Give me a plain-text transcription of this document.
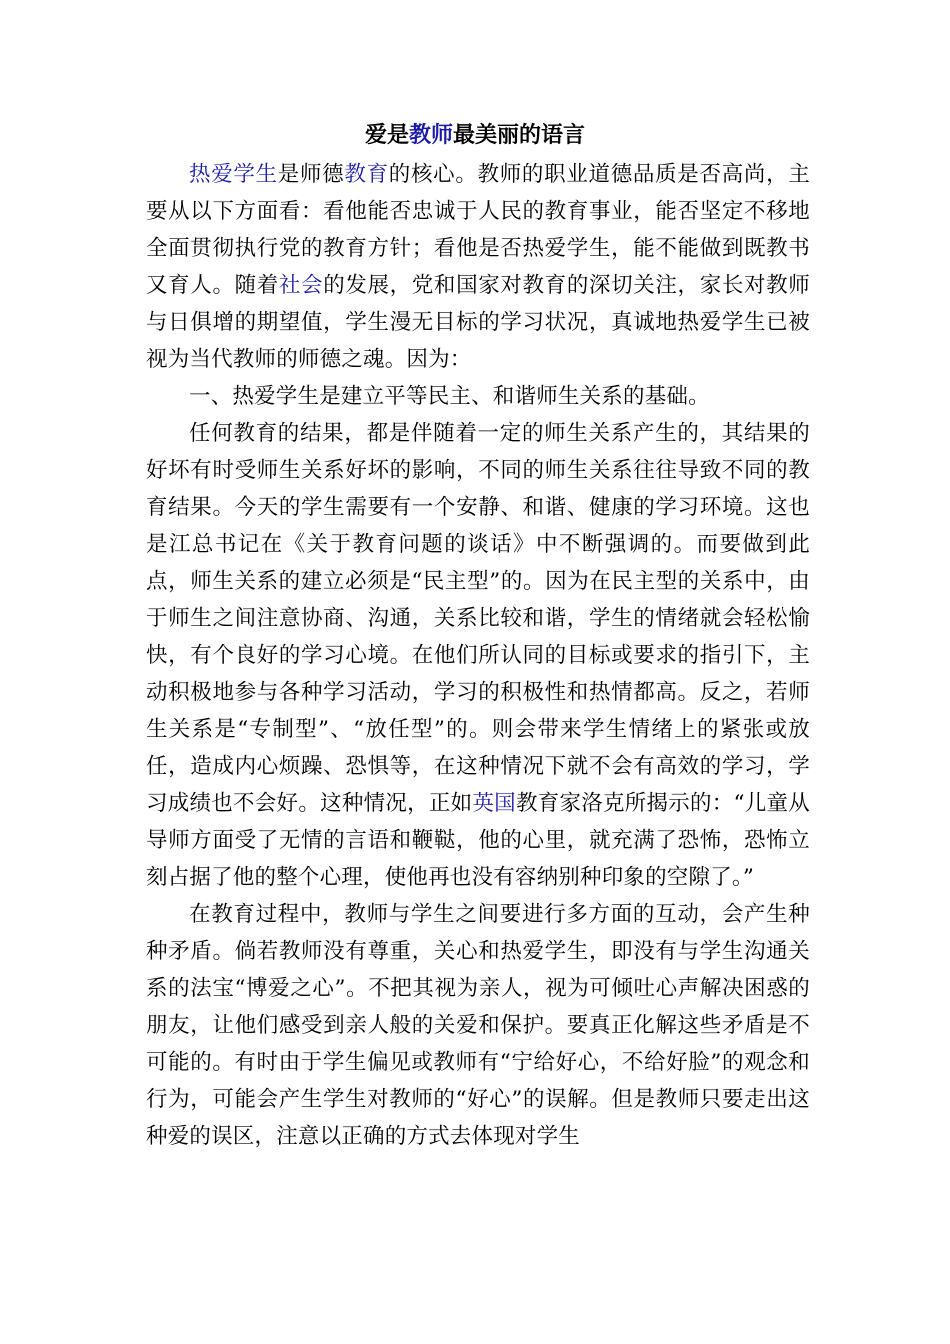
爱是教师最美丽的语言

热爱学生是师德教育的核心。教师的职业道德品质是否高尚，主要从以下方面看：看他能否忠诚于人民的教育事业，能否坚定不移地全面贯彻执行党的教育方针；看他是否热爱学生，能不能做到既教书又育人。随着社会的发展，党和国家对教育的深切关注，家长对教师与日俱增的期望值，学生漫无目标的学习状况，真诚地热爱学生已被视为当代教师的师德之魂。因为：

一、热爱学生是建立平等民主、和谐师生关系的基础。

任何教育的结果，都是伴随着一定的师生关系产生的，其结果的好坏有时受师生关系好坏的影响，不同的师生关系往往导致不同的教育结果。今天的学生需要有一个安静、和谐、健康的学习环境。这也是江总书记在《关于教育问题的谈话》中不断强调的。而要做到此点，师生关系的建立必须是“民主型”的。因为在民主型的关系中，由于师生之间注意协商、沟通，关系比较和谐，学生的情绪就会轻松愉快，有个良好的学习心境。在他们所认同的目标或要求的指引下，主动积极地参与各种学习活动，学习的积极性和热情都高。反之，若师生关系是“专制型”、“放任型”的。则会带来学生情绪上的紧张或放任，造成内心烦躁、恐惧等，在这种情况下就不会有高效的学习，学习成绩也不会好。这种情况，正如英国教育家洛克所揭示的：“儿童从导师方面受了无情的言语和鞭鞑，他的心里，就充满了恐怖，恐怖立刻占据了他的整个心理，使他再也没有容纳别种印象的空隙了。”

在教育过程中，教师与学生之间要进行多方面的互动，会产生种种矛盾。倘若教师没有尊重，关心和热爱学生，即没有与学生沟通关系的法宝“博爱之心”。不把其视为亲人，视为可倾吐心声解决困惑的朋友，让他们感受到亲人般的关爱和保护。要真正化解这些矛盾是不可能的。有时由于学生偏见或教师有“宁给好心，不给好脸”的观念和行为，可能会产生学生对教师的“好心”的误解。但是教师只要走出这种爱的误区，注意以正确的方式去体现对学生
